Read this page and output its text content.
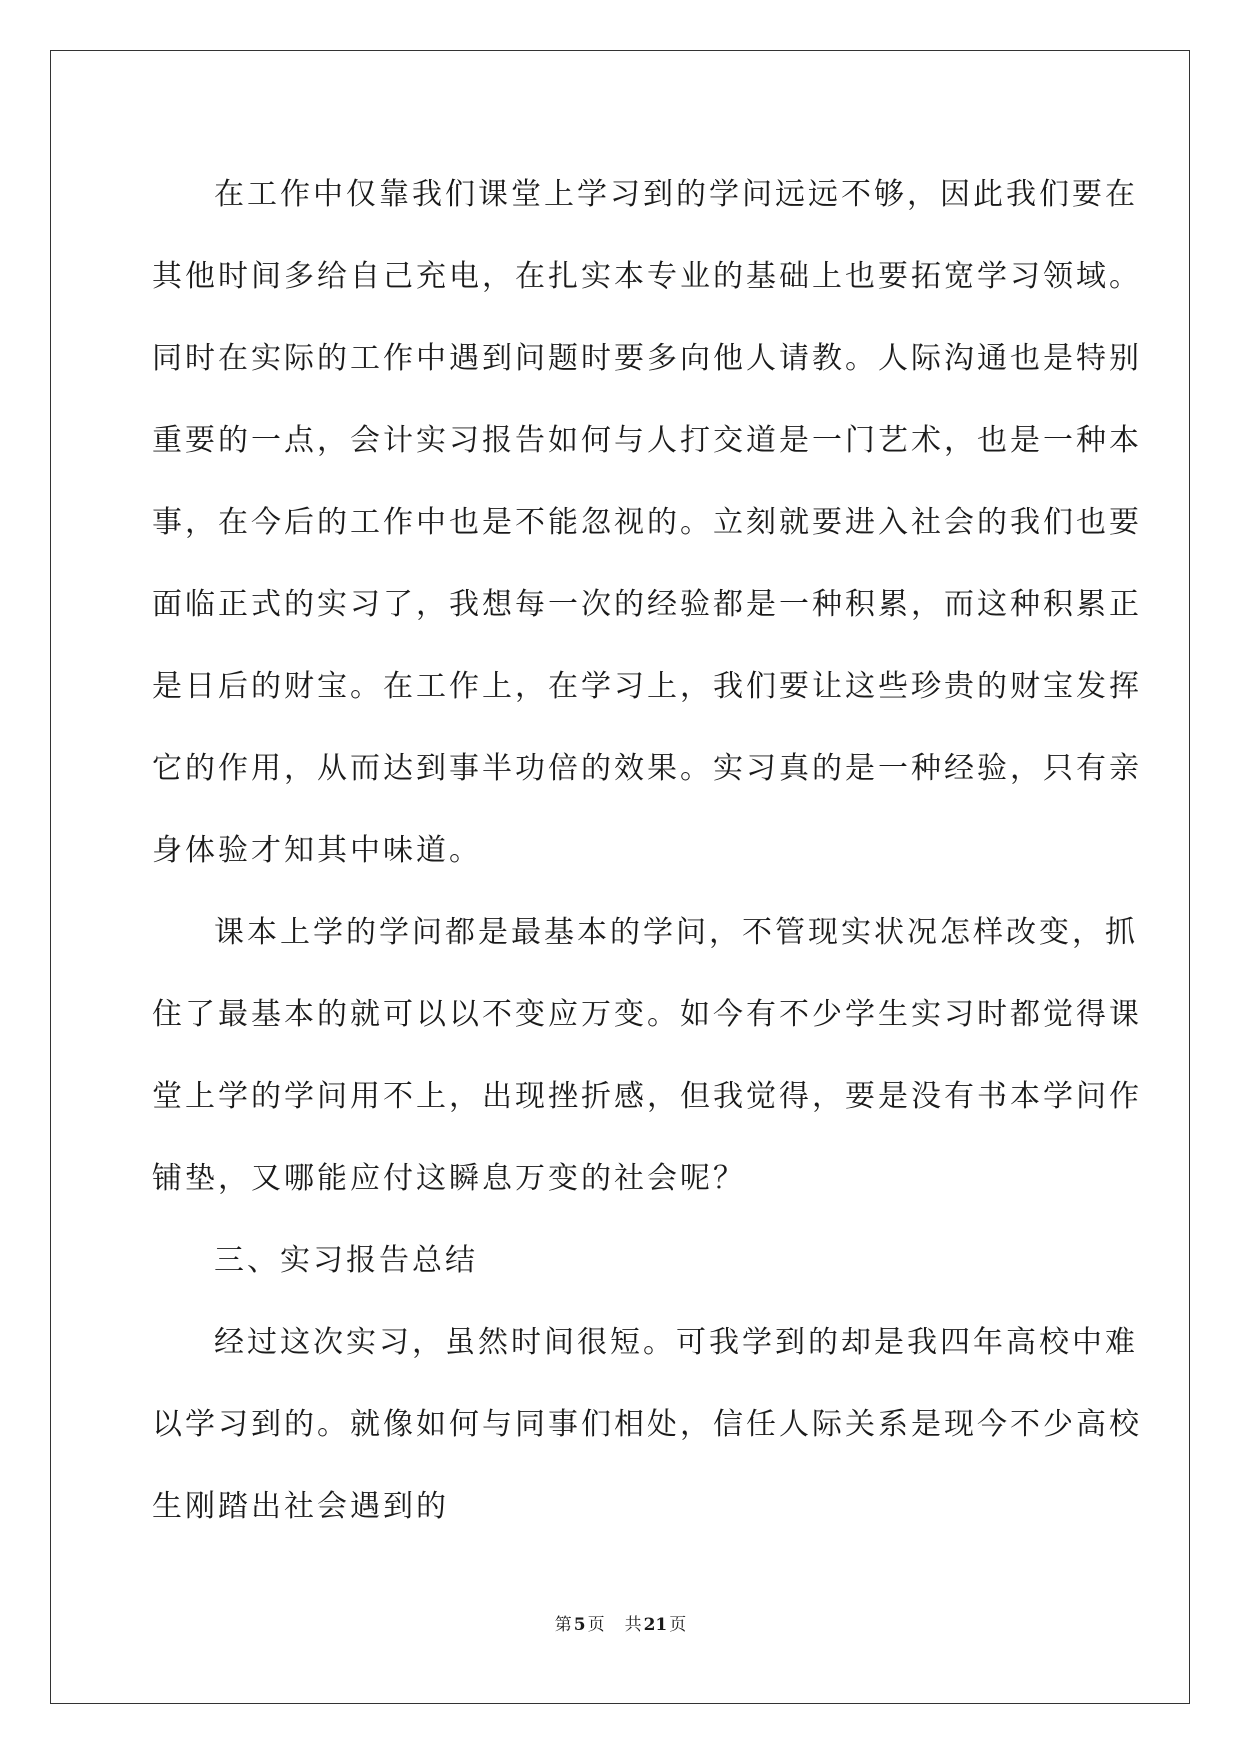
在工作中仅靠我们课堂上学习到的学问远远不够，因此我们要在
其他时间多给自己充电，在扎实本专业的基础上也要拓宽学习领域。
同时在实际的工作中遇到问题时要多向他人请教。人际沟通也是特别
重要的一点，会计实习报告如何与人打交道是一门艺术，也是一种本
事，在今后的工作中也是不能忽视的。立刻就要进入社会的我们也要
面临正式的实习了，我想每一次的经验都是一种积累，而这种积累正
是日后的财宝。在工作上，在学习上，我们要让这些珍贵的财宝发挥
它的作用，从而达到事半功倍的效果。实习真的是一种经验，只有亲
身体验才知其中味道。
课本上学的学问都是最基本的学问，不管现实状况怎样改变，抓
住了最基本的就可以以不变应万变。如今有不少学生实习时都觉得课
堂上学的学问用不上，出现挫折感，但我觉得，要是没有书本学问作
铺垫，又哪能应付这瞬息万变的社会呢？
三、实习报告总结
经过这次实习，虽然时间很短。可我学到的却是我四年高校中难
以学习到的。就像如何与同事们相处，信任人际关系是现今不少高校
生刚踏出社会遇到的
第 5 页 共 21 页
